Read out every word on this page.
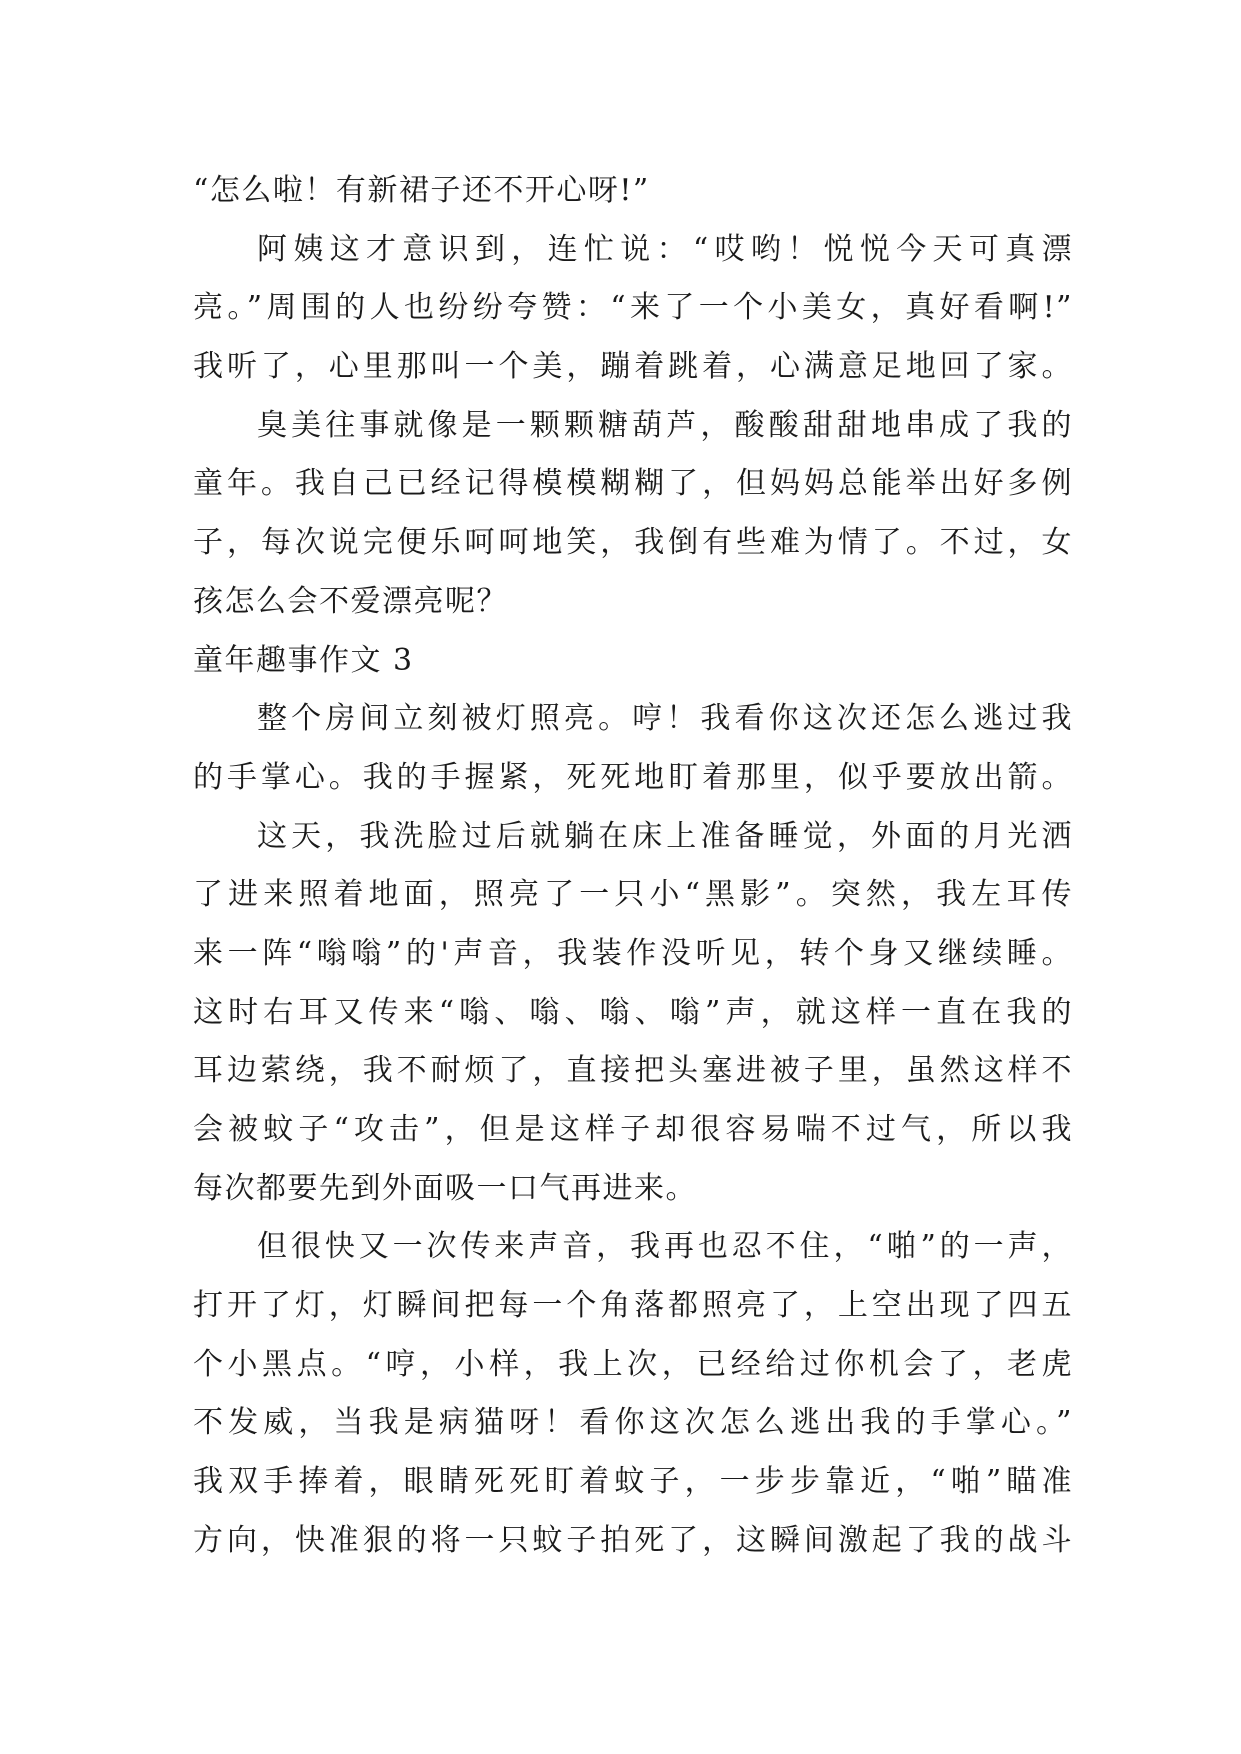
“怎么啦！有新裙子还不开心呀!”
阿姨这才意识到，连忙说：“哎哟！悦悦今天可真漂
亮。”周围的人也纷纷夸赞：“来了一个小美女，真好看啊!”
我听了，心里那叫一个美，蹦着跳着，心满意足地回了家。
臭美往事就像是一颗颗糖葫芦，酸酸甜甜地串成了我的
童年。我自己已经记得模模糊糊了，但妈妈总能举出好多例
子，每次说完便乐呵呵地笑，我倒有些难为情了。不过，女
孩怎么会不爱漂亮呢？
童年趣事作文 3
整个房间立刻被灯照亮。哼！我看你这次还怎么逃过我
的手掌心。我的手握紧，死死地盯着那里，似乎要放出箭。
这天，我洗脸过后就躺在床上准备睡觉，外面的月光洒
了进来照着地面，照亮了一只小“黑影”。突然，我左耳传
来一阵“嗡嗡”的'声音，我装作没听见，转个身又继续睡。
这时右耳又传来“嗡、嗡、嗡、嗡”声，就这样一直在我的
耳边萦绕，我不耐烦了，直接把头塞进被子里，虽然这样不
会被蚊子“攻击”，但是这样子却很容易喘不过气，所以我
每次都要先到外面吸一口气再进来。
但很快又一次传来声音，我再也忍不住，“啪”的一声，
打开了灯，灯瞬间把每一个角落都照亮了，上空出现了四五
个小黑点。“哼，小样，我上次，已经给过你机会了，老虎
不发威，当我是病猫呀！看你这次怎么逃出我的手掌心。”
我双手捧着，眼睛死死盯着蚊子，一步步靠近，“啪”瞄准
方向，快准狠的将一只蚊子拍死了，这瞬间激起了我的战斗
